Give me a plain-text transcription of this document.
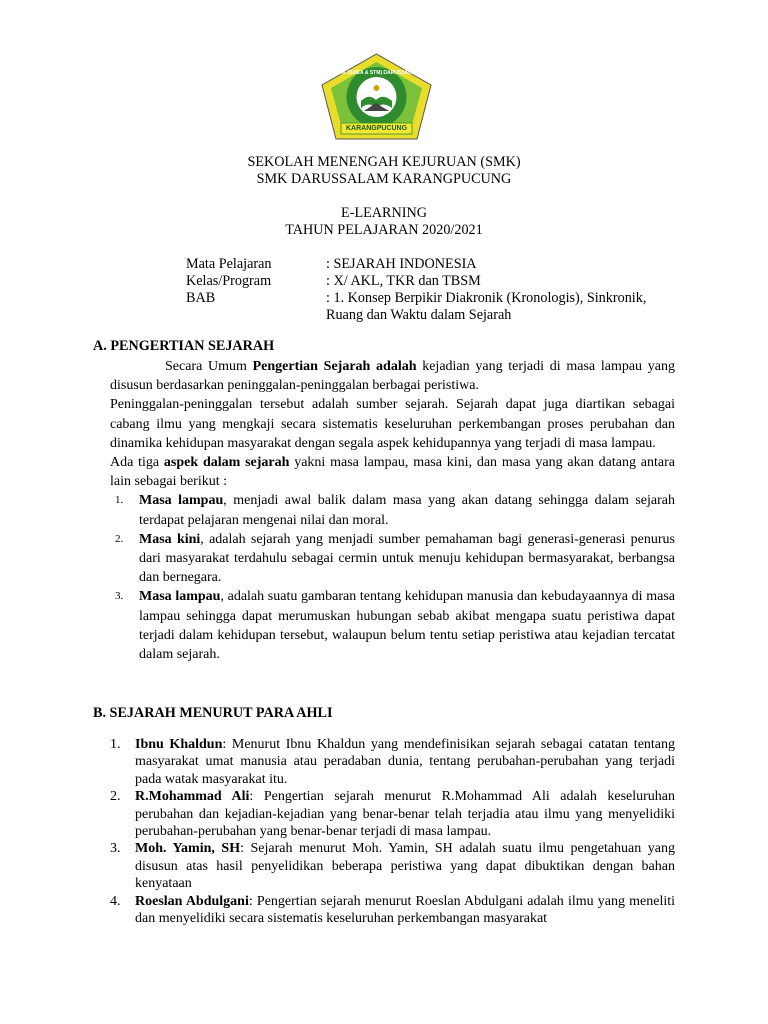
SMK (SMEA & STM) DARUSSALAM
KARANGPUCUNG
SEKOLAH MENENGAH KEJURUAN (SMK)
SMK DARUSSALAM KARANGPUCUNG
E-LEARNING
TAHUN PELAJARAN 2020/2021
Mata Pelajaran	: SEJARAH INDONESIA
Kelas/Program	: X/ AKL, TKR dan TBSM
BAB	: 1. Konsep Berpikir Diakronik (Kronologis), Sinkronik, Ruang dan Waktu dalam Sejarah
A. PENGERTIAN SEJARAH

Secara Umum Pengertian Sejarah adalah kejadian yang terjadi di masa lampau yang disusun berdasarkan peninggalan-peninggalan berbagai peristiwa.

Peninggalan-peninggalan tersebut adalah sumber sejarah. Sejarah dapat juga diartikan sebagai cabang ilmu yang mengkaji secara sistematis keseluruhan perkembangan proses perubahan dan dinamika kehidupan masyarakat dengan segala aspek kehidupannya yang terjadi di masa lampau.

Ada tiga aspek dalam sejarah yakni masa lampau, masa kini, dan masa yang akan datang antara lain sebagai berikut :

1.	Masa lampau, menjadi awal balik dalam masa yang akan datang sehingga dalam sejarah terdapat pelajaran mengenai nilai dan moral.
2.	Masa kini, adalah sejarah yang menjadi sumber pemahaman bagi generasi-generasi penurus dari masyarakat terdahulu sebagai cermin untuk menuju kehidupan bermasyarakat, berbangsa dan bernegara.
3.	Masa lampau, adalah suatu gambaran tentang kehidupan manusia dan kebudayaannya di masa lampau sehingga dapat merumuskan hubungan sebab akibat mengapa suatu peristiwa dapat terjadi dalam kehidupan tersebut, walaupun belum tentu setiap peristiwa atau kejadian tercatat dalam sejarah.
B. SEJARAH MENURUT PARA AHLI
1.	Ibnu Khaldun: Menurut Ibnu Khaldun yang mendefinisikan sejarah sebagai catatan tentang masyarakat umat manusia atau peradaban dunia, tentang perubahan-perubahan yang terjadi pada watak masyarakat itu.
2.	R.Mohammad Ali: Pengertian sejarah menurut R.Mohammad Ali adalah keseluruhan perubahan dan kejadian-kejadian yang benar-benar telah terjadia atau ilmu yang menyelidiki perubahan-perubahan yang benar-benar terjadi di masa lampau.
3.	Moh. Yamin, SH: Sejarah menurut Moh. Yamin, SH adalah suatu ilmu pengetahuan yang disusun atas hasil penyelidikan beberapa peristiwa yang dapat dibuktikan dengan bahan kenyataan
4.	Roeslan Abdulgani: Pengertian sejarah menurut Roeslan Abdulgani adalah ilmu yang meneliti dan menyelidiki secara sistematis keseluruhan perkembangan masyarakat
